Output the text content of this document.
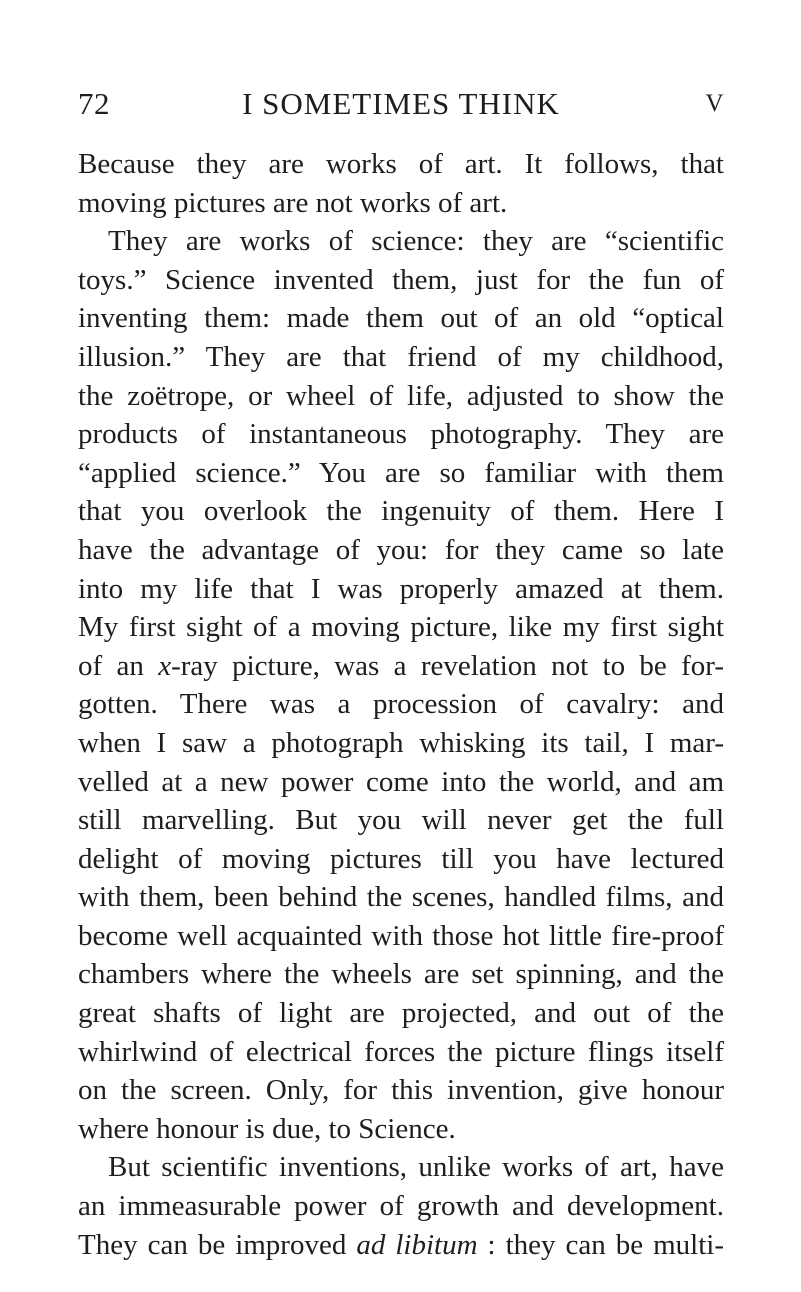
72	I SOMETIMES THINK	V
Because they are works of art. It follows, that
moving pictures are not works of art.
They are works of science: they are “scientific
toys.” Science invented them, just for the fun of
inventing them: made them out of an old “optical
illusion.” They are that friend of my childhood,
the zoëtrope, or wheel of life, adjusted to show the
products of instantaneous photography. They are
“applied science.” You are so familiar with them
that you overlook the ingenuity of them. Here I
have the advantage of you: for they came so late
into my life that I was properly amazed at them.
My first sight of a moving picture, like my first sight
of an x-ray picture, was a revelation not to be for-
gotten. There was a procession of cavalry: and
when I saw a photograph whisking its tail, I mar-
velled at a new power come into the world, and am
still marvelling. But you will never get the full
delight of moving pictures till you have lectured
with them, been behind the scenes, handled films, and
become well acquainted with those hot little fire-proof
chambers where the wheels are set spinning, and the
great shafts of light are projected, and out of the
whirlwind of electrical forces the picture flings itself
on the screen. Only, for this invention, give honour
where honour is due, to Science.
But scientific inventions, unlike works of art, have
an immeasurable power of growth and development.
They can be improved ad libitum : they can be multi-
